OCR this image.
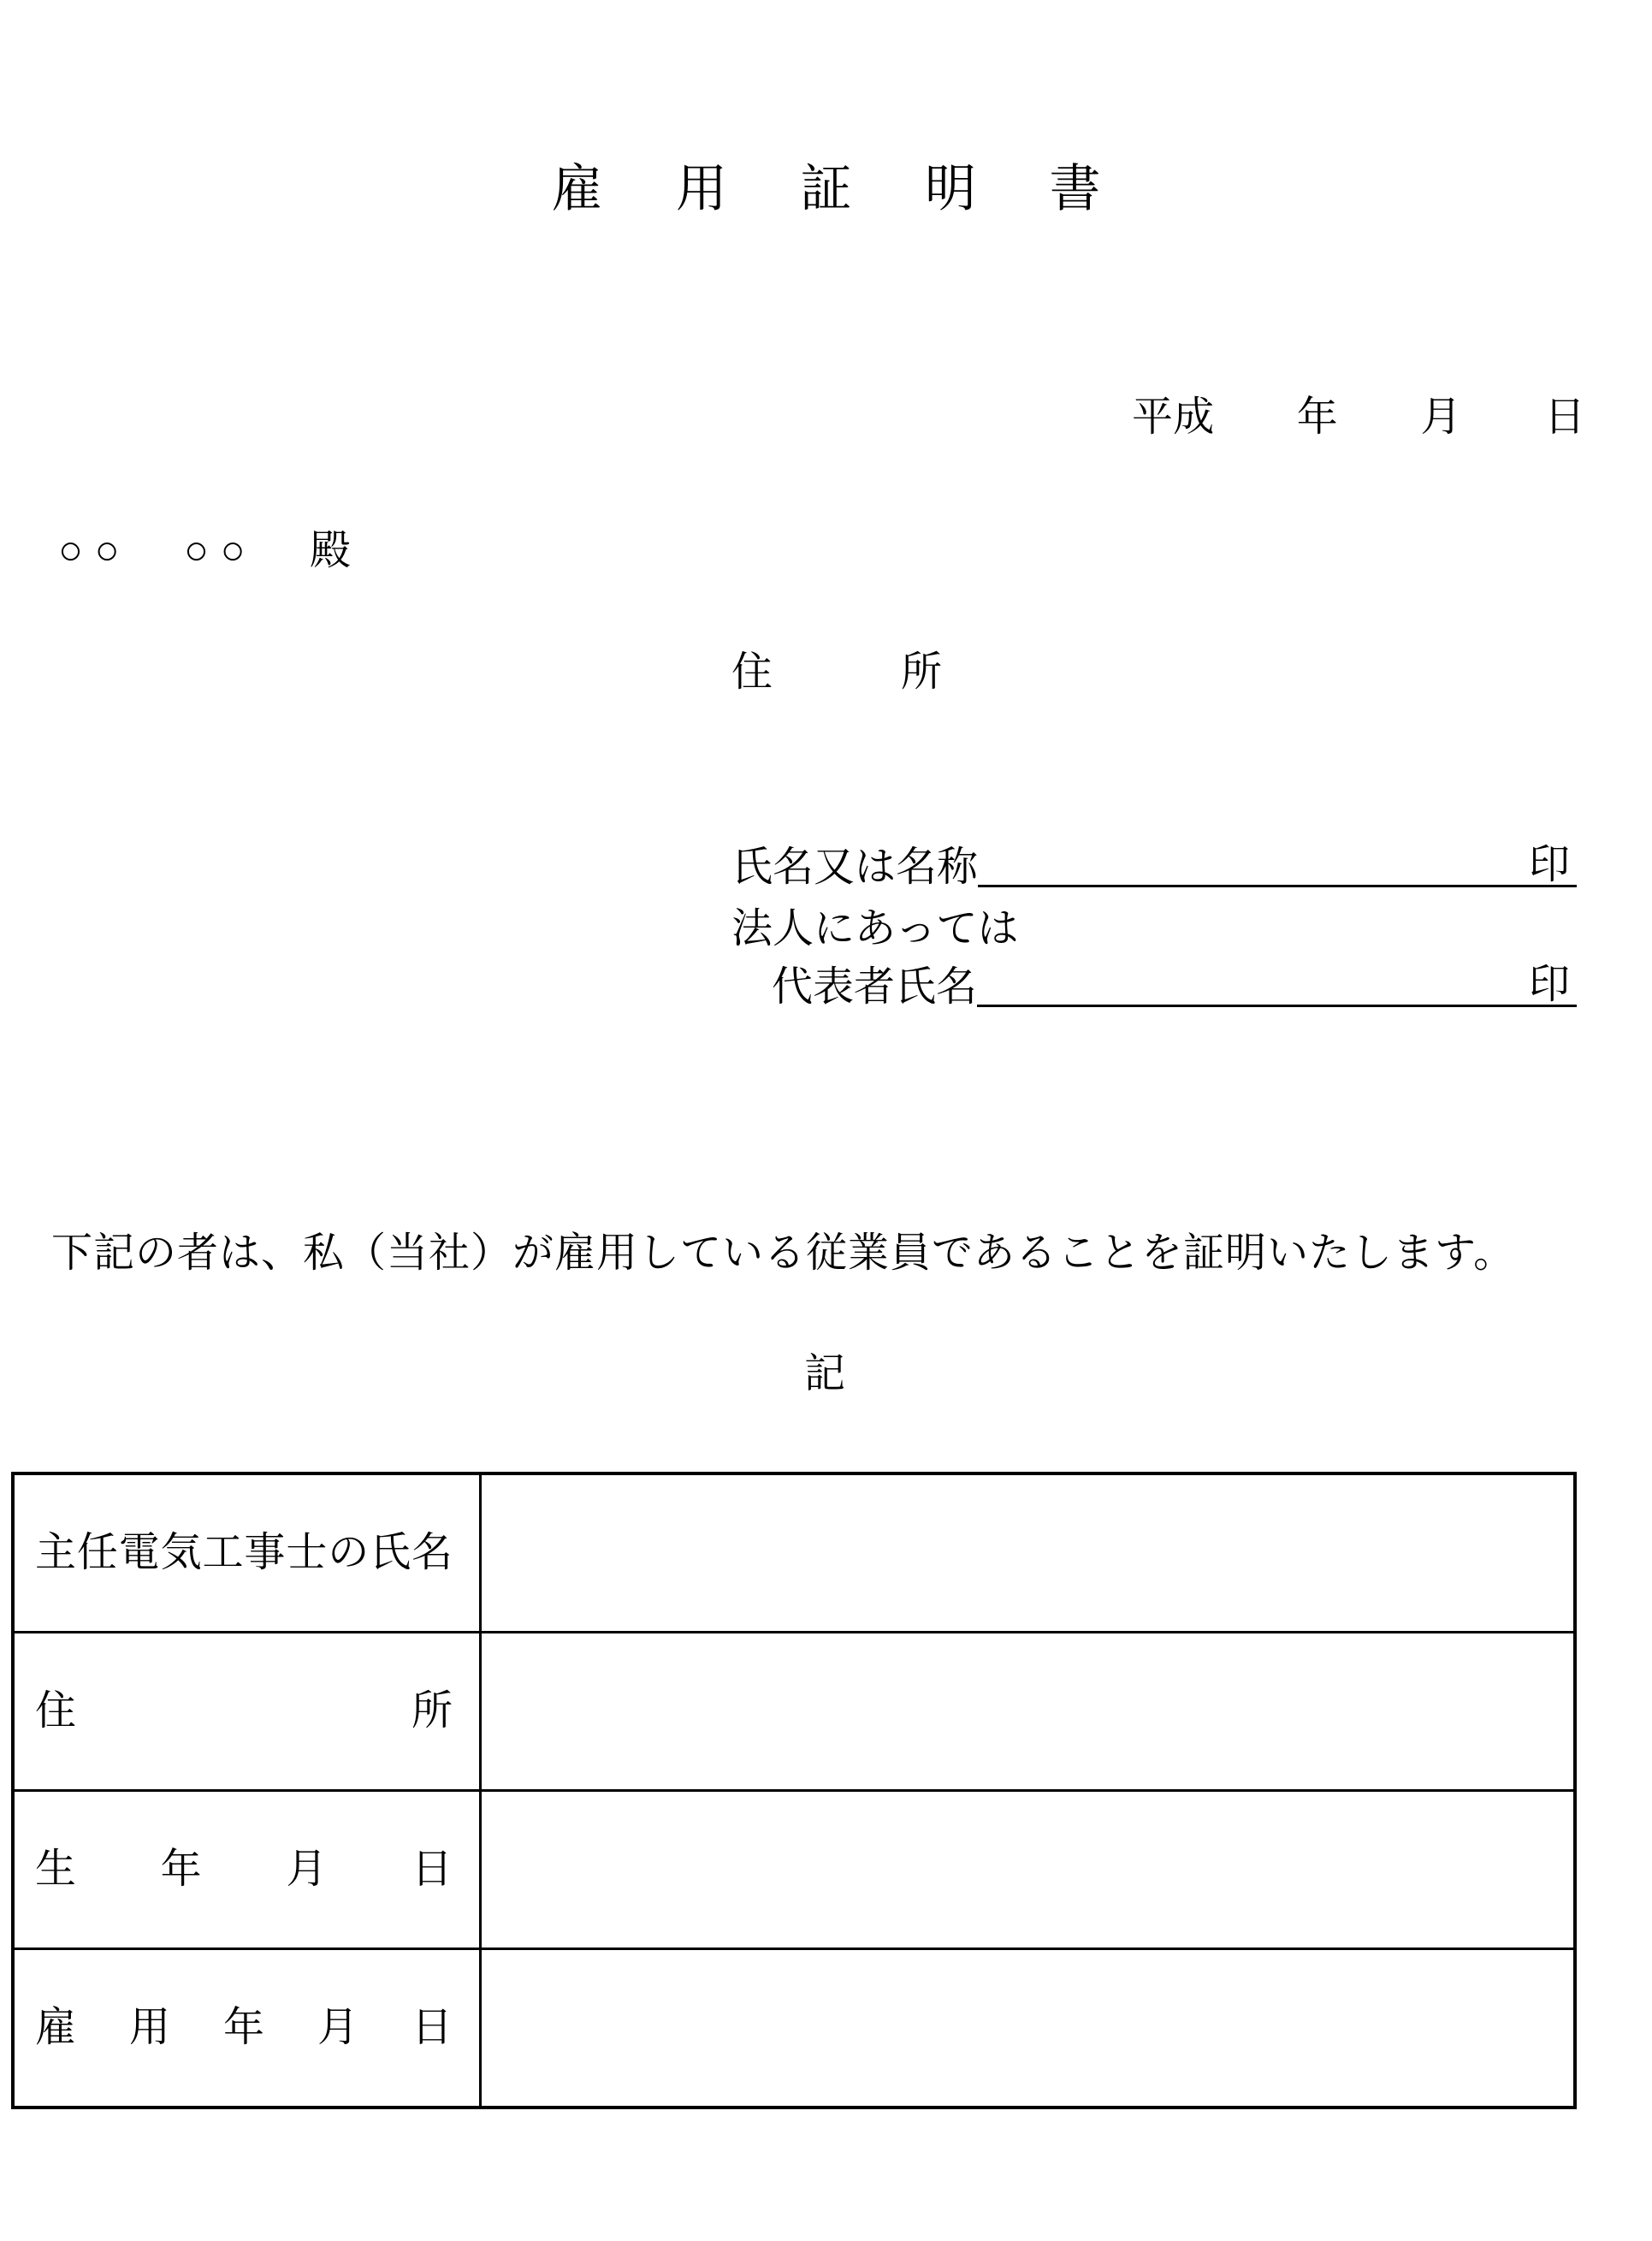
雇　用　証　明　書
平成　　年　　月　　日
○○　○○　殿
住　　　所
氏名又は名称	印
法人にあっては
代表者氏名	印
下記の者は、私（当社）が雇用している従業員であることを証明いたします。
記
主任電気工事士の氏名
住　　　　　　　　所
生　　年　　月　　日
雇　用　年　月　日
